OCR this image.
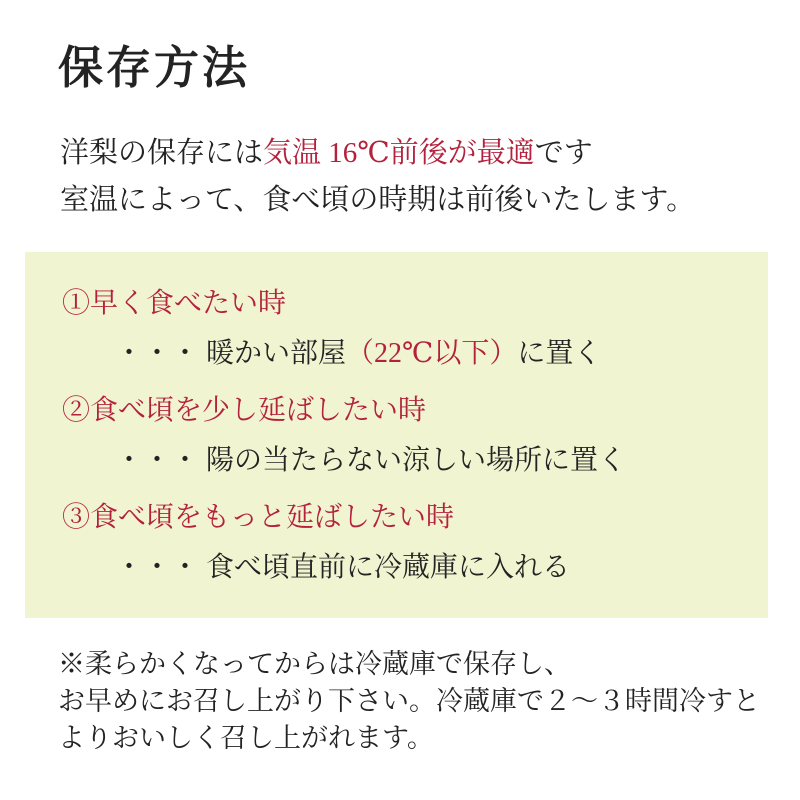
保存方法

洋梨の保存には気温 16℃前後が最適です
室温によって、食べ頃の時期は前後いたします。

①早く食べたい時
・・・ 暖かい部屋（22℃以下）に置く
②食べ頃を少し延ばしたい時
・・・ 陽の当たらない涼しい場所に置く
③食べ頃をもっと延ばしたい時
・・・ 食べ頃直前に冷蔵庫に入れる

※柔らかくなってからは冷蔵庫で保存し、
お早めにお召し上がり下さい。冷蔵庫で２～３時間冷すと
よりおいしく召し上がれます。
